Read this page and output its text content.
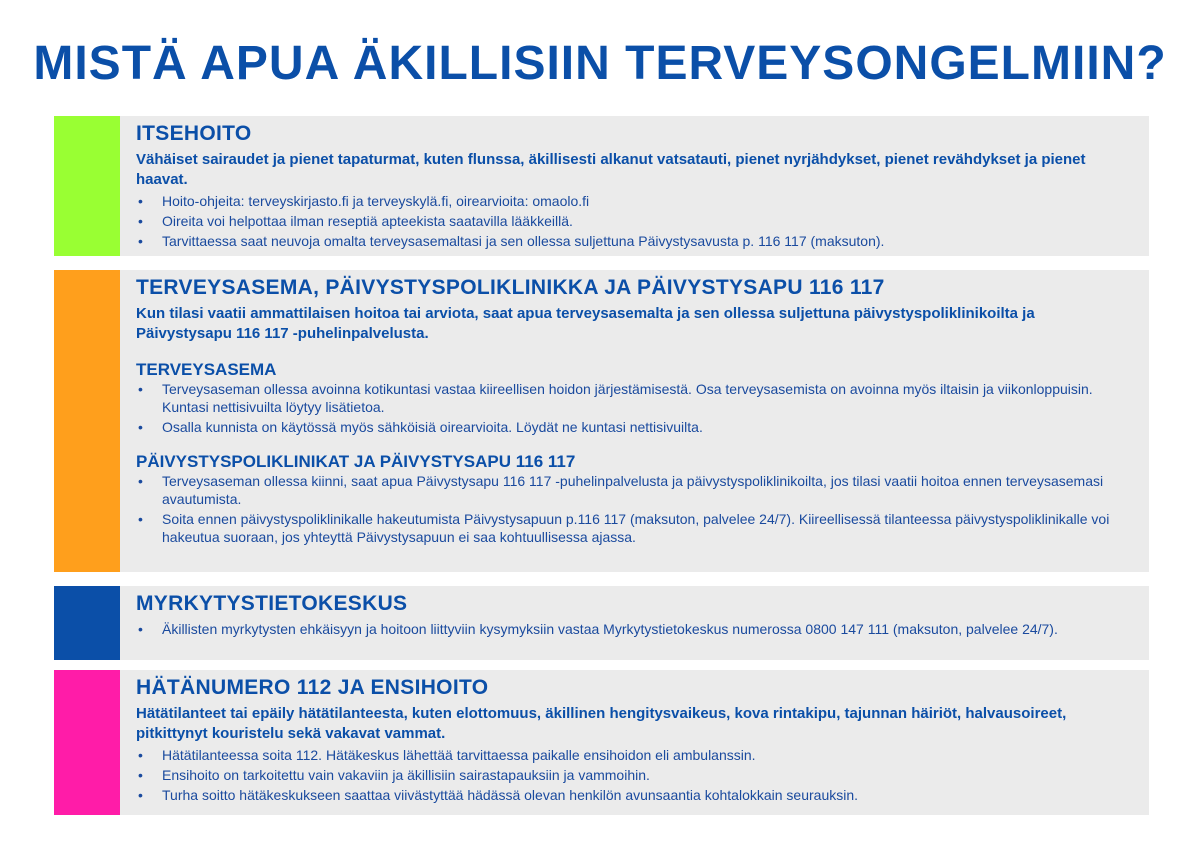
MISTÄ APUA ÄKILLISIIN TERVEYSONGELMIIN?
ITSEHOITO

Vähäiset sairaudet ja pienet tapaturmat, kuten flunssa, äkillisesti alkanut vatsatauti, pienet nyrjähdykset, pienet revähdykset ja pienet haavat.

• Hoito-ohjeita: terveyskirjasto.fi ja terveyskylä.fi, oirearvioita: omaolo.fi
• Oireita voi helpottaa ilman reseptiä apteekista saatavilla lääkkeillä.
• Tarvittaessa saat neuvoja omalta terveysasemaltasi ja sen ollessa suljettuna Päivystysavusta p. 116 117 (maksuton).
TERVEYSASEMA, PÄIVYSTYSPOLIKLINIKKA JA PÄIVYSTYSAPU 116 117

Kun tilasi vaatii ammattilaisen hoitoa tai arviota, saat apua terveysasemalta ja sen ollessa suljettuna päivystyspoliklinikoilta ja Päivystysapu 116 117 -puhelinpalvelusta.

TERVEYSASEMA
• Terveysaseman ollessa avoinna kotikuntasi vastaa kiireellisen hoidon järjestämisestä. Osa terveysasemista on avoinna myös iltaisin ja viikonloppuisin. Kuntasi nettisivuilta löytyy lisätietoa.
• Osalla kunnista on käytössä myös sähköisiä oirearvioita. Löydät ne kuntasi nettisivuilta.
PÄIVYSTYSPOLIKLINIKAT JA PÄIVYSTYSAPU 116 117
• Terveysaseman ollessa kiinni, saat apua Päivystysapu 116 117 -puhelinpalvelusta ja päivystyspoliklinikoilta, jos tilasi vaatii hoitoa ennen terveysasemasi avautumista.
• Soita ennen päivystyspoliklinikalle hakeutumista Päivystysapuun p.116 117 (maksuton, palvelee 24/7). Kiireellisessä tilanteessa päivystyspoliklinikalle voi hakeutua suoraan, jos yhteyttä Päivystysapuun ei saa kohtuullisessa ajassa.
MYRKYTYSTIETOKESKUS
• Äkillisten myrkytysten ehkäisyyn ja hoitoon liittyviin kysymyksiin vastaa Myrkytystietokeskus numerossa 0800 147 111 (maksuton, palvelee 24/7).
HÄTÄNUMERO 112 JA ENSIHOITO

Hätätilanteet tai epäily hätätilanteesta, kuten elottomuus, äkillinen hengitysvaikeus, kova rintakipu, tajunnan häiriöt, halvausoireet, pitkittynyt kouristelu sekä vakavat vammat.

• Hätätilanteessa soita 112. Hätäkeskus lähettää tarvittaessa paikalle ensihoidon eli ambulanssin.
• Ensihoito on tarkoitettu vain vakaviin ja äkillisiin sairastapauksiin ja vammoihin.
• Turha soitto hätäkeskukseen saattaa viivästyttää hädässä olevan henkilön avunsaantia kohtalokkain seurauksin.
